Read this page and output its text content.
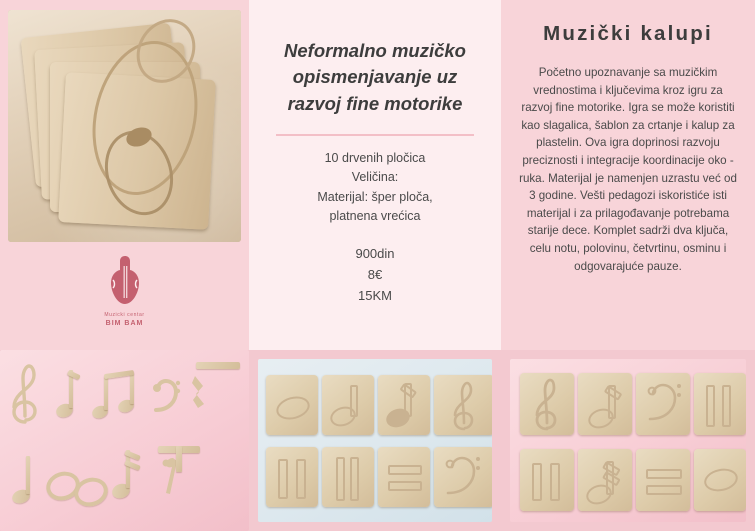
Muzicki centar
BIM BAM
Neformalno muzičko opismenjavanje uz razvoj fine motorike
10 drvenih pločica
Veličina:
Materijal: šper ploča,
platnena vrećica
900din
8€
15KM
Muzički kalupi
Početno upoznavanje sa muzičkim vrednostima i ključevima kroz igru za razvoj fine motorike. Igra se može koristiti kao slagalica, šablon za crtanje i kalup za plastelin. Ova igra doprinosi razvoju preciznosti i integracije koordinacije oko - ruka. Materijal je namenjen uzrastu već od 3 godine. Vešti pedagozi iskoristiće isti materijal i za prilagođavanje potrebama starije dece. Komplet sadrži dva ključa, celu notu, polovinu, četvrtinu, osminu i odgovarajuće pauze.
